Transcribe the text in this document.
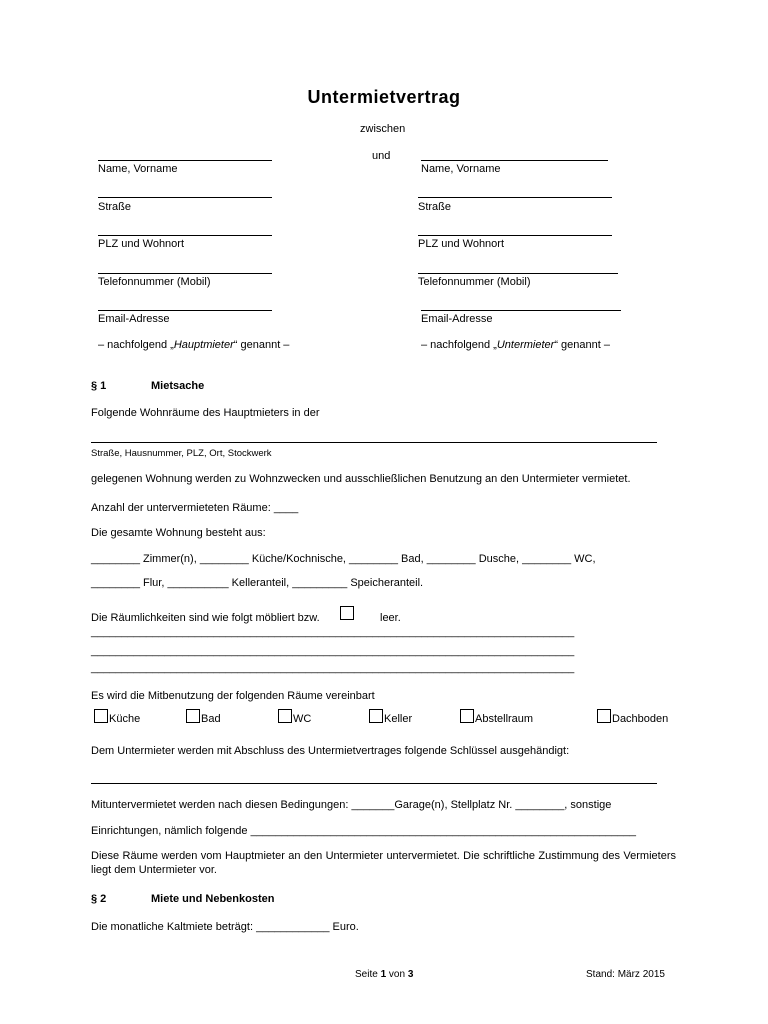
Untermietvertrag
zwischen
und
Name, Vorname
Straße
PLZ und Wohnort
Telefonnummer (Mobil)
Email-Adresse
– nachfolgend „Hauptmieter“ genannt –
Name, Vorname
Straße
PLZ und Wohnort
Telefonnummer (Mobil)
Email-Adresse
– nachfolgend „Untermieter“ genannt –
§ 1	Mietsache
Folgende Wohnräume des Hauptmieters in der
Straße, Hausnummer, PLZ, Ort, Stockwerk
gelegenen Wohnung werden zu Wohnzwecken und ausschließlichen Benutzung an den Untermieter vermietet.
Anzahl der untervermieteten Räume: ____
Die gesamte Wohnung besteht aus:
________ Zimmer(n), ________ Küche/Kochnische, ________ Bad, ________ Dusche, ________ WC,
________ Flur, __________ Kelleranteil, _________ Speicheranteil.
Die Räumlichkeiten sind wie folgt möbliert bzw.	leer.
_______________________________________________________________________________
_______________________________________________________________________________
_______________________________________________________________________________
Es wird die Mitbenutzung der folgenden Räume vereinbart
Küche	Bad	WC	Keller	Abstellraum	Dachboden
Dem Untermieter werden mit Abschluss des Untermietvertrages folgende Schlüssel ausgehändigt:
Mituntervermietet werden nach diesen Bedingungen: _______Garage(n), Stellplatz Nr. ________, sonstige
Einrichtungen, nämlich folgende _______________________________________________________________
Diese Räume werden vom Hauptmieter an den Untermieter untervermietet. Die schriftliche Zustimmung des Vermieters liegt dem Untermieter vor.
§ 2	Miete und Nebenkosten
Die monatliche Kaltmiete beträgt: ____________ Euro.
Seite 1 von 3	Stand: März 2015
